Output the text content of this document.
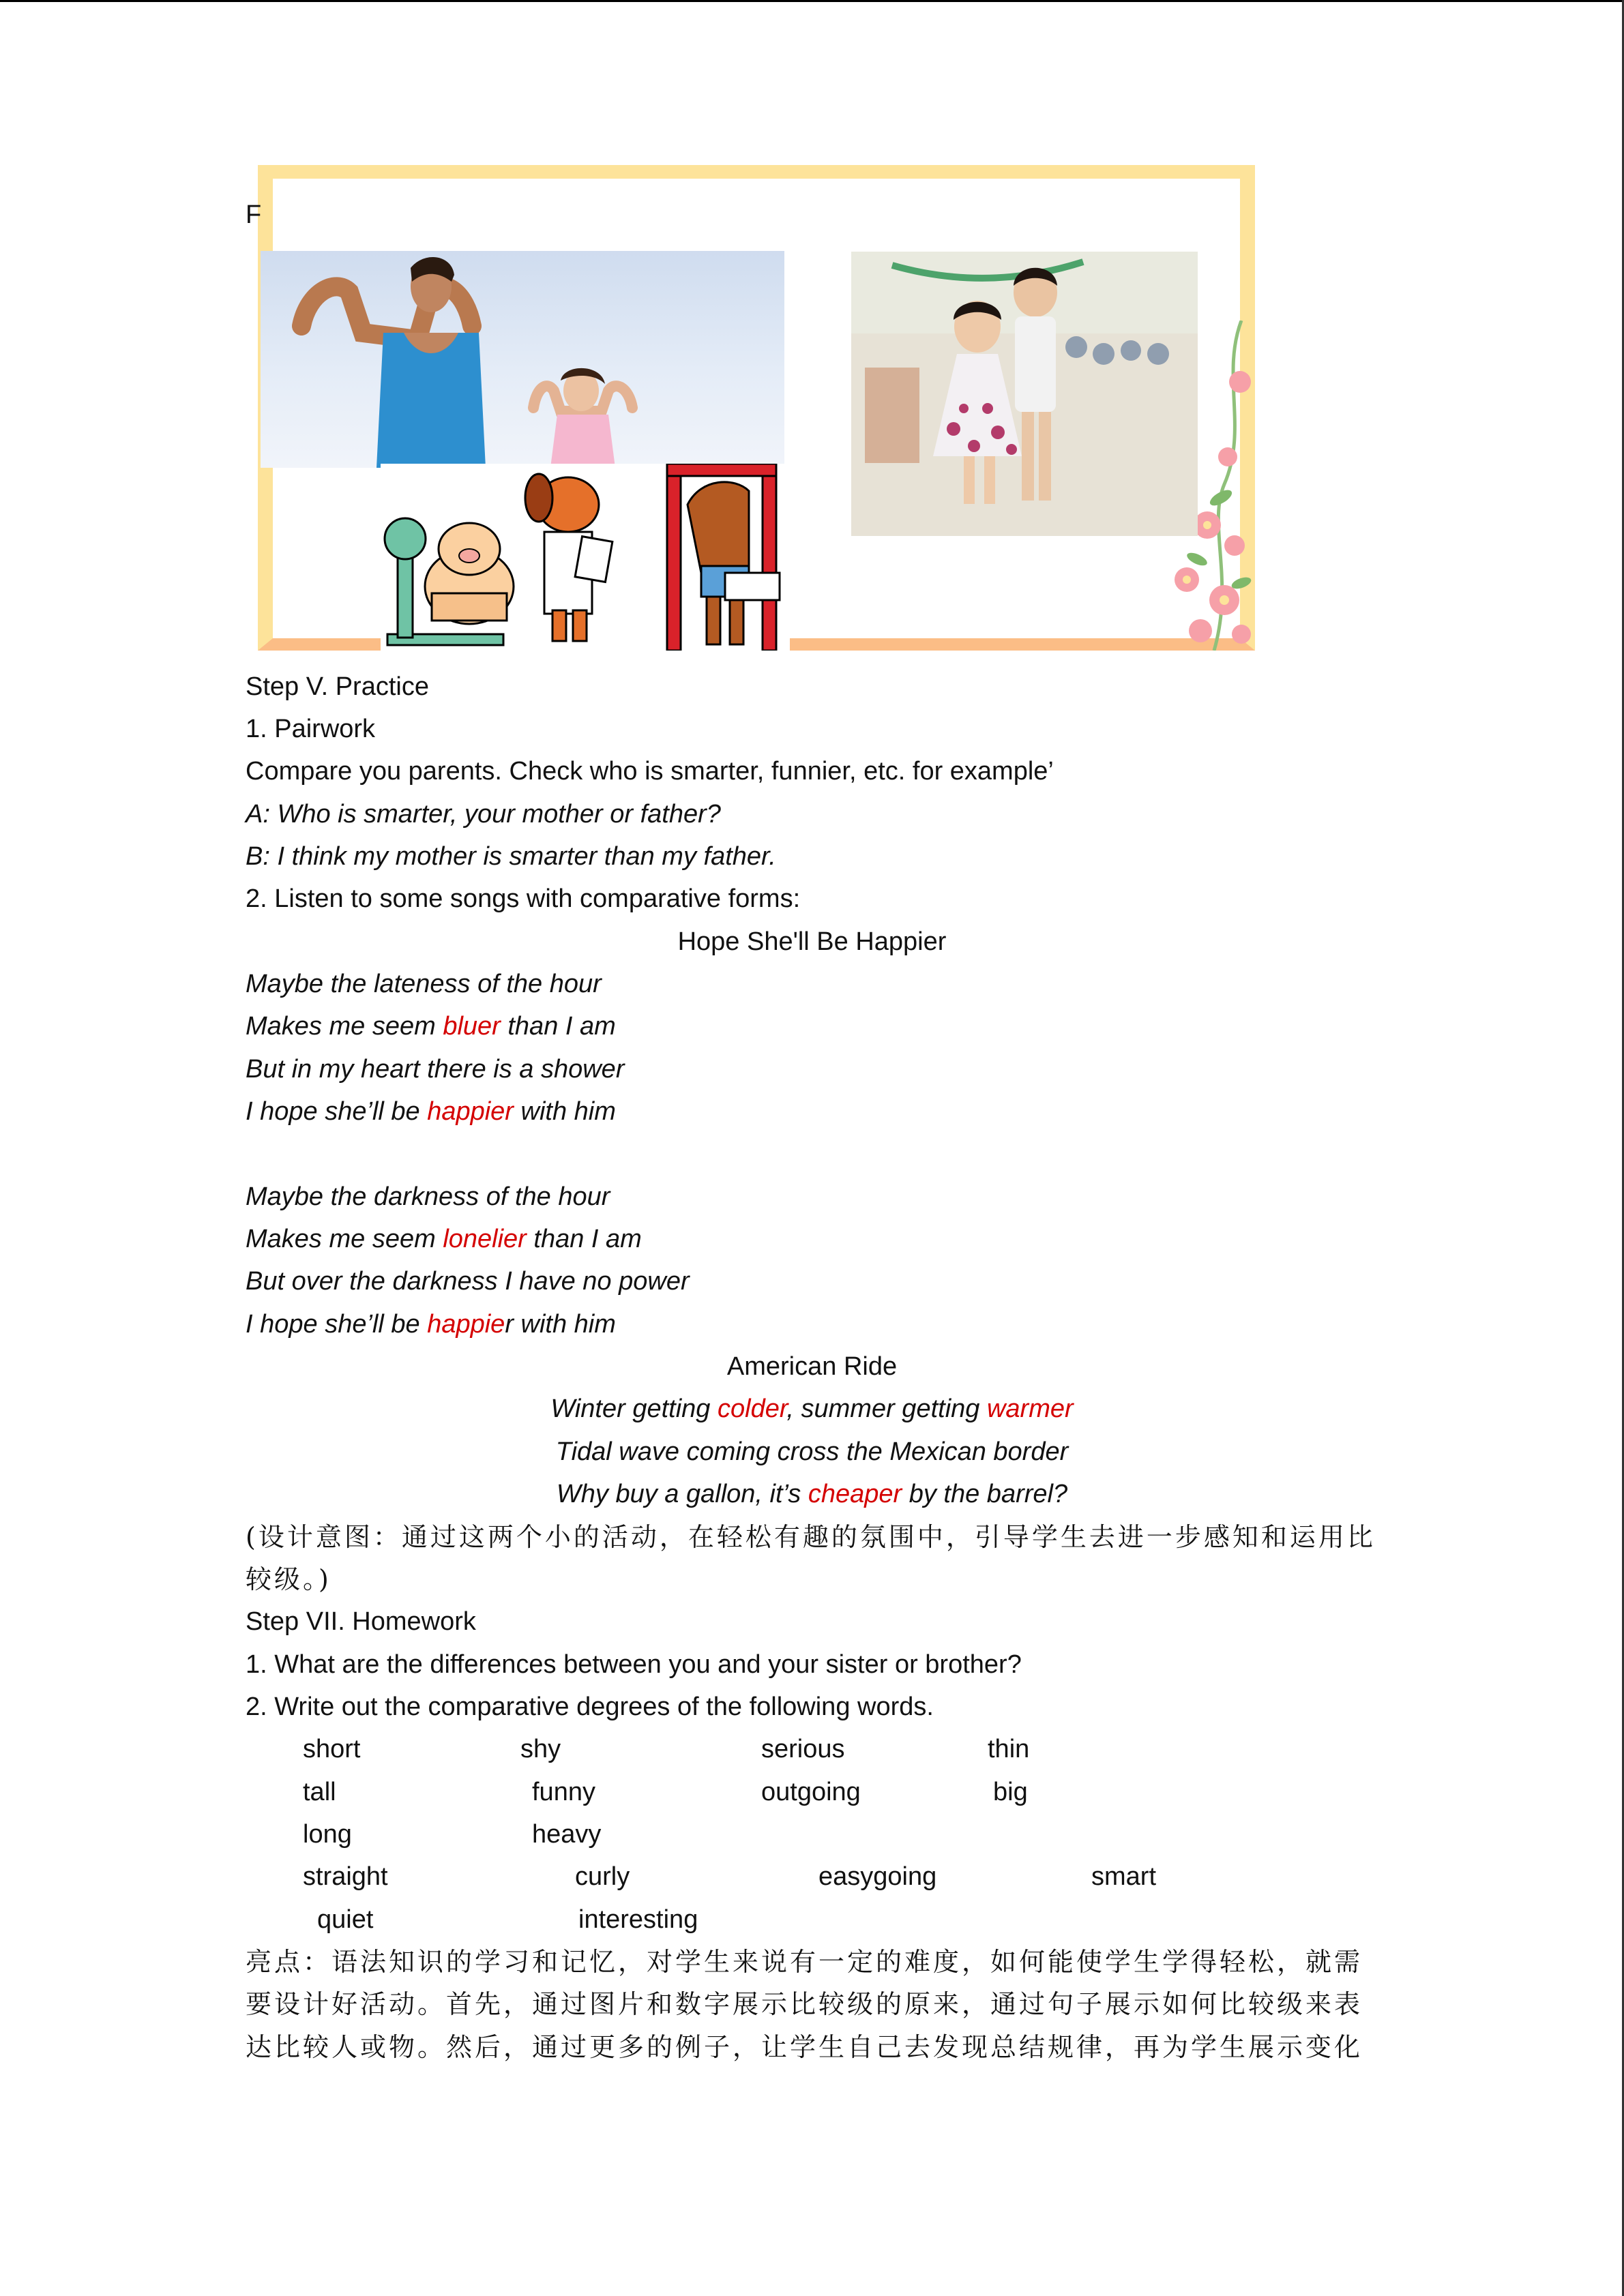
F
Step V. Practice
1. Pairwork
Compare you parents. Check who is smarter, funnier, etc. for example’
A: Who is smarter, your mother or father?
B: I think my mother is smarter than my father.
2. Listen to some songs with comparative forms:
Hope She'll Be Happier
Maybe the lateness of the hour
Makes me seem bluer than I am
But in my heart there is a shower
I hope she’ll be happier with him
Maybe the darkness of the hour
Makes me seem lonelier than I am
But over the darkness I have no power
I hope she’ll be happier with him
American Ride
Winter getting colder, summer getting warmer
Tidal wave coming cross the Mexican border
Why buy a gallon, it’s cheaper by the barrel?
(设计意图：通过这两个小的活动，在轻松有趣的氛围中，引导学生去进一步感知和运用比
较级。)
Step VII. Homework
1. What are the differences between you and your sister or brother?
2. Write out the comparative degrees of the following words.
short	shy	serious	thin
tall	funny	outgoing	big
long	heavy
straight	curly	easygoing	smart
quiet	interesting
亮点：语法知识的学习和记忆，对学生来说有一定的难度，如何能使学生学得轻松，就需
要设计好活动。首先，通过图片和数字展示比较级的原来，通过句子展示如何比较级来表
达比较人或物。然后，通过更多的例子，让学生自己去发现总结规律，再为学生展示变化
